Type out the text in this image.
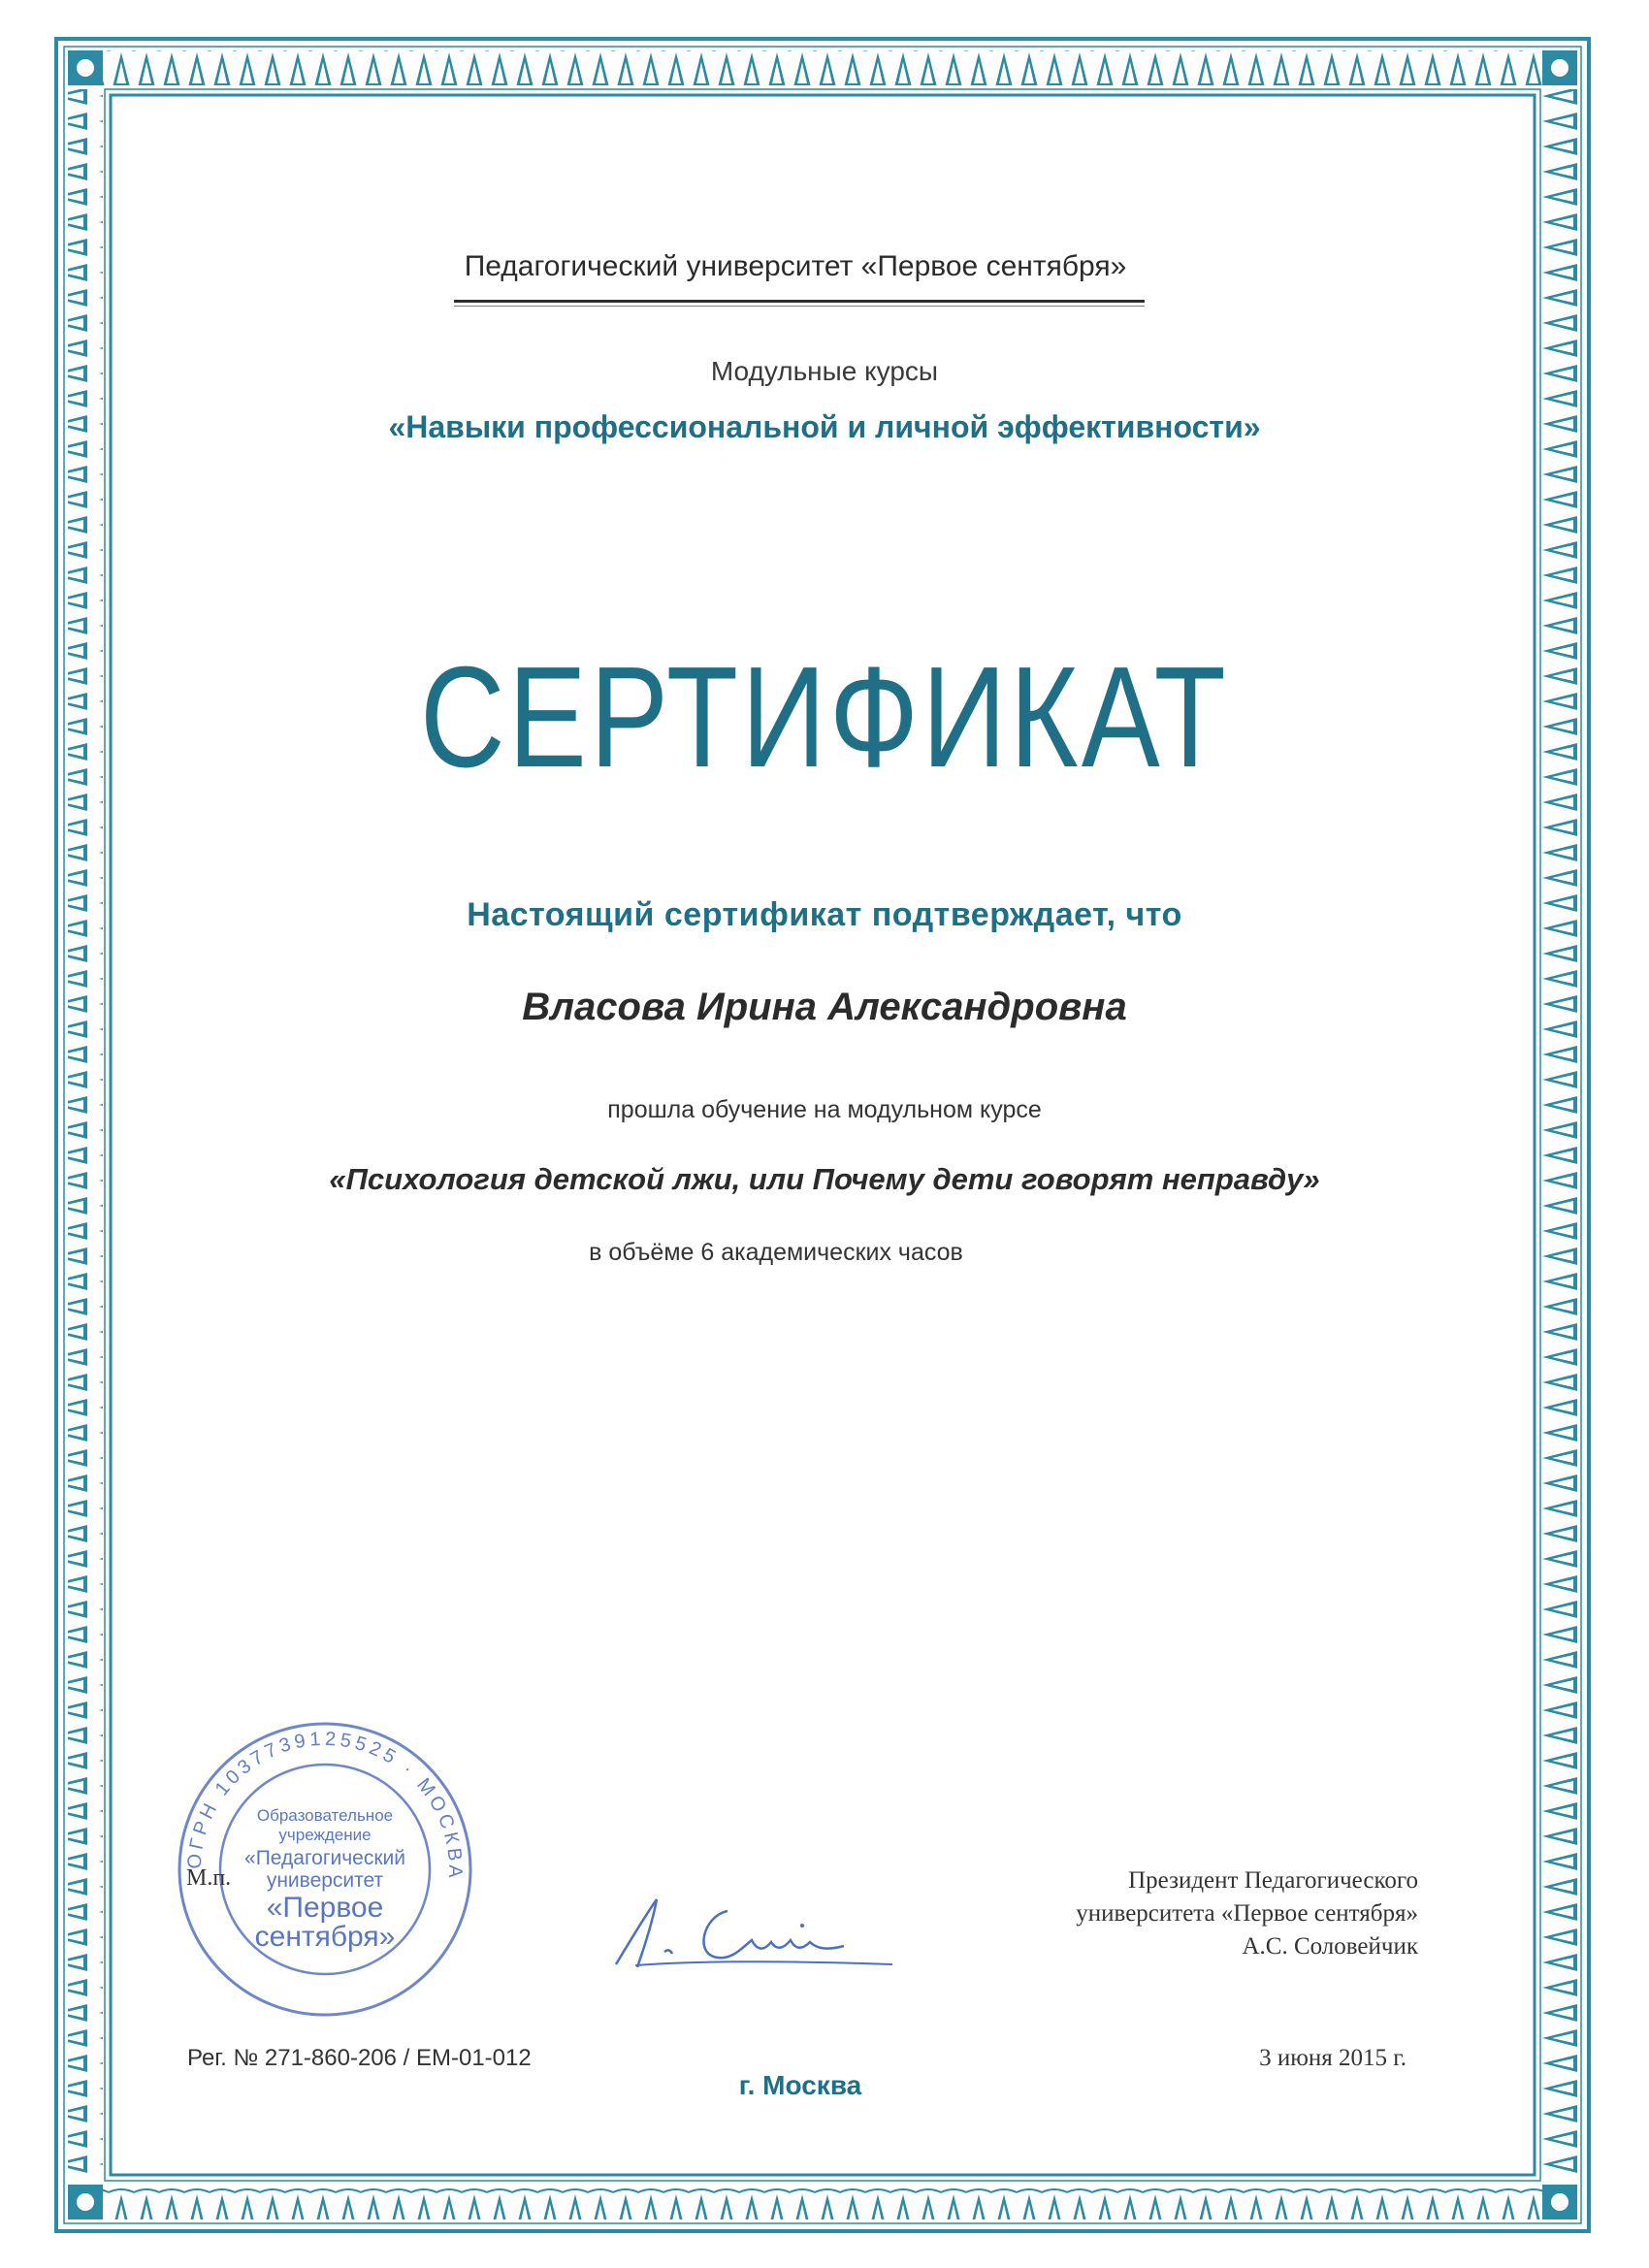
Педагогический университет «Первое сентября»
Модульные курсы
«Навыки профессиональной и личной эффективности»
СЕРТИФИКАТ
Настоящий сертификат подтверждает, что
Власова Ирина Александровна
прошла обучение на модульном курсе
«Психология детской лжи, или Почему дети говорят неправду»
в объёме 6 академических часов
ОГРН 1037739125525 · МОСКВА
Образовательное
учреждение
«Педагогический
университет
«Первое
сентября»
М.п.	Президент Педагогического
университета «Первое сентября»
А.С. Соловейчик
Рег. № 271-860-206 / ЕМ-01-012
г. Москва
3 июня 2015 г.
